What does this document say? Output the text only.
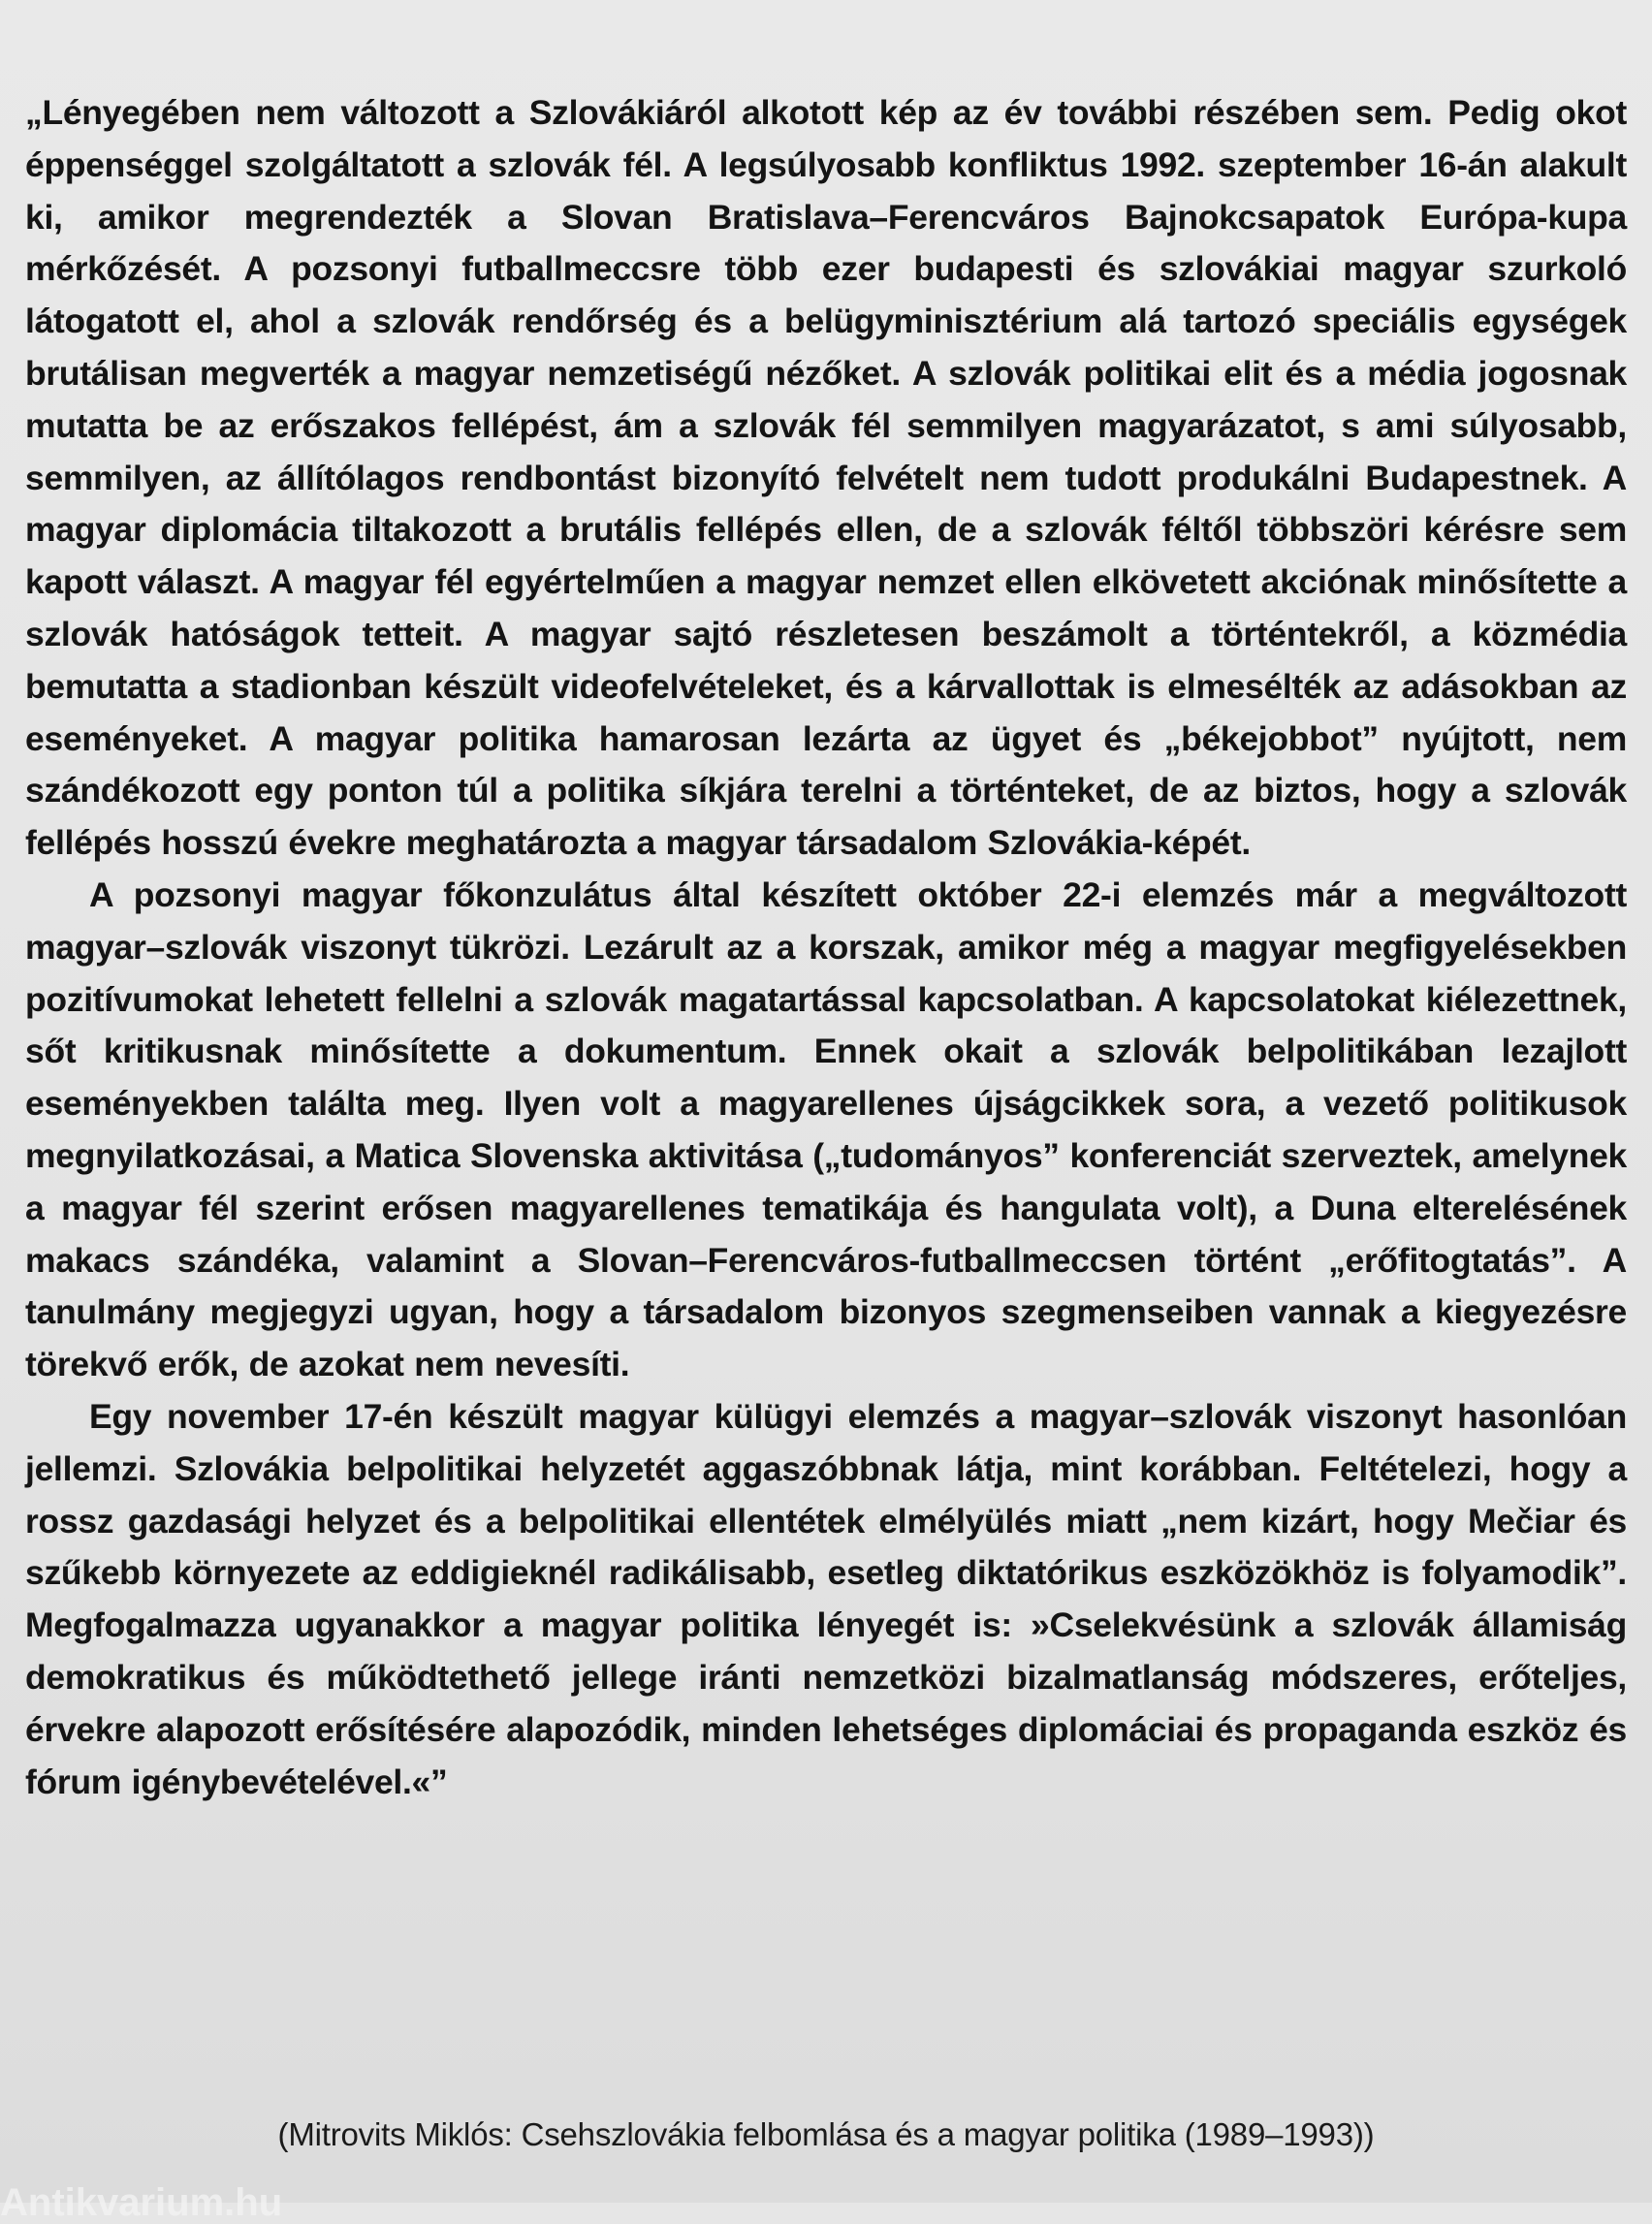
„Lényegében nem változott a Szlovákiáról alkotott kép az év további részében sem. Pedig okot éppenséggel szolgáltatott a szlovák fél. A legsúlyosabb konfliktus 1992. szeptember 16-án alakult ki, amikor megrendezték a Slovan Bratislava–Ferencváros Bajnokcsapatok Európa-kupa mérkőzését. A pozsonyi futballmeccsre több ezer budapesti és szlovákiai magyar szurkoló látogatott el, ahol a szlovák rendőrség és a belügyminisztérium alá tartozó speciális egységek brutálisan megverték a magyar nemzetiségű nézőket. A szlovák politikai elit és a média jogosnak mutatta be az erőszakos fellépést, ám a szlovák fél semmilyen magyarázatot, s ami súlyosabb, semmilyen, az állítólagos rendbontást bizonyító felvételt nem tudott produkálni Budapestnek. A magyar diplomácia tiltakozott a brutális fellépés ellen, de a szlovák féltől többszöri kérésre sem kapott választ. A magyar fél egyértelműen a magyar nemzet ellen elkövetett akciónak minősítette a szlovák hatóságok tetteit. A magyar sajtó részletesen beszámolt a történtekről, a közmédia bemutatta a stadionban készült videofelvételeket, és a kárvallottak is elmesélték az adásokban az eseményeket. A magyar politika hamarosan lezárta az ügyet és „békejobbot” nyújtott, nem szándékozott egy ponton túl a politika síkjára terelni a történteket, de az biztos, hogy a szlovák fellépés hosszú évekre meghatározta a magyar társadalom Szlovákia-képét.

A pozsonyi magyar főkonzulátus által készített október 22-i elemzés már a megváltozott magyar–szlovák viszonyt tükrözi. Lezárult az a korszak, amikor még a magyar megfigyelésekben pozitívumokat lehetett fellelni a szlovák magatartással kapcsolatban. A kapcsolatokat kiélezettnek, sőt kritikusnak minősítette a dokumentum. Ennek okait a szlovák belpolitikában lezajlott eseményekben találta meg. Ilyen volt a magyarellenes újságcikkek sora, a vezető politikusok megnyilatkozásai, a Matica Slovenska aktivitása („tudományos” konferenciát szerveztek, amelynek a magyar fél szerint erősen magyarellenes tematikája és hangulata volt), a Duna elterelésének makacs szándéka, valamint a Slovan–Ferencváros-futballmeccsen történt „erőfitogtatás”. A tanulmány megjegyzi ugyan, hogy a társadalom bizonyos szegmenseiben vannak a kiegyezésre törekvő erők, de azokat nem nevesíti.

Egy november 17-én készült magyar külügyi elemzés a magyar–szlovák viszonyt hasonlóan jellemzi. Szlovákia belpolitikai helyzetét aggaszóbbnak látja, mint korábban. Feltételezi, hogy a rossz gazdasági helyzet és a belpolitikai ellentétek elmélyülés miatt „nem kizárt, hogy Mečiar és szűkebb környezete az eddigieknél radikálisabb, esetleg diktatórikus eszközökhöz is folyamodik”. Megfogalmazza ugyanakkor a magyar politika lényegét is: »Cselekvésünk a szlovák államiság demokratikus és működtethető jellege iránti nemzetközi bizalmatlanság módszeres, erőteljes, érvekre alapozott erősítésére alapozódik, minden lehetséges diplomáciai és propaganda eszköz és fórum igénybevételével.«”

(Mitrovits Miklós: Csehszlovákia felbomlása és a magyar politika (1989–1993))
Antikvarium.hu
